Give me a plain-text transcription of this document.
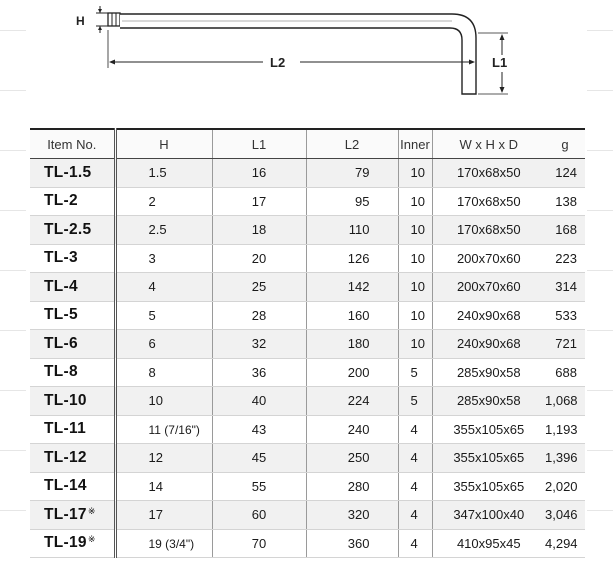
H
L2	L1
Item No.	H	L1	L2	Inner	W x H x D	g
TL-1.5	1.5	16	79	10	170x68x50	124
TL-2	2	17	95	10	170x68x50	138
TL-2.5	2.5	18	110	10	170x68x50	168
TL-3	3	20	126	10	200x70x60	223
TL-4	4	25	142	10	200x70x60	314
TL-5	5	28	160	10	240x90x68	533
TL-6	6	32	180	10	240x90x68	721
TL-8	8	36	200	5	285x90x58	688
TL-10	10	40	224	5	285x90x58	1,068
TL-11	11 (7/16")	43	240	4	355x105x65	1,193
TL-12	12	45	250	4	355x105x65	1,396
TL-14	14	55	280	4	355x105x65	2,020
TL-17※	17	60	320	4	347x100x40	3,046
TL-19※	19 (3/4")	70	360	4	410x95x45	4,294
